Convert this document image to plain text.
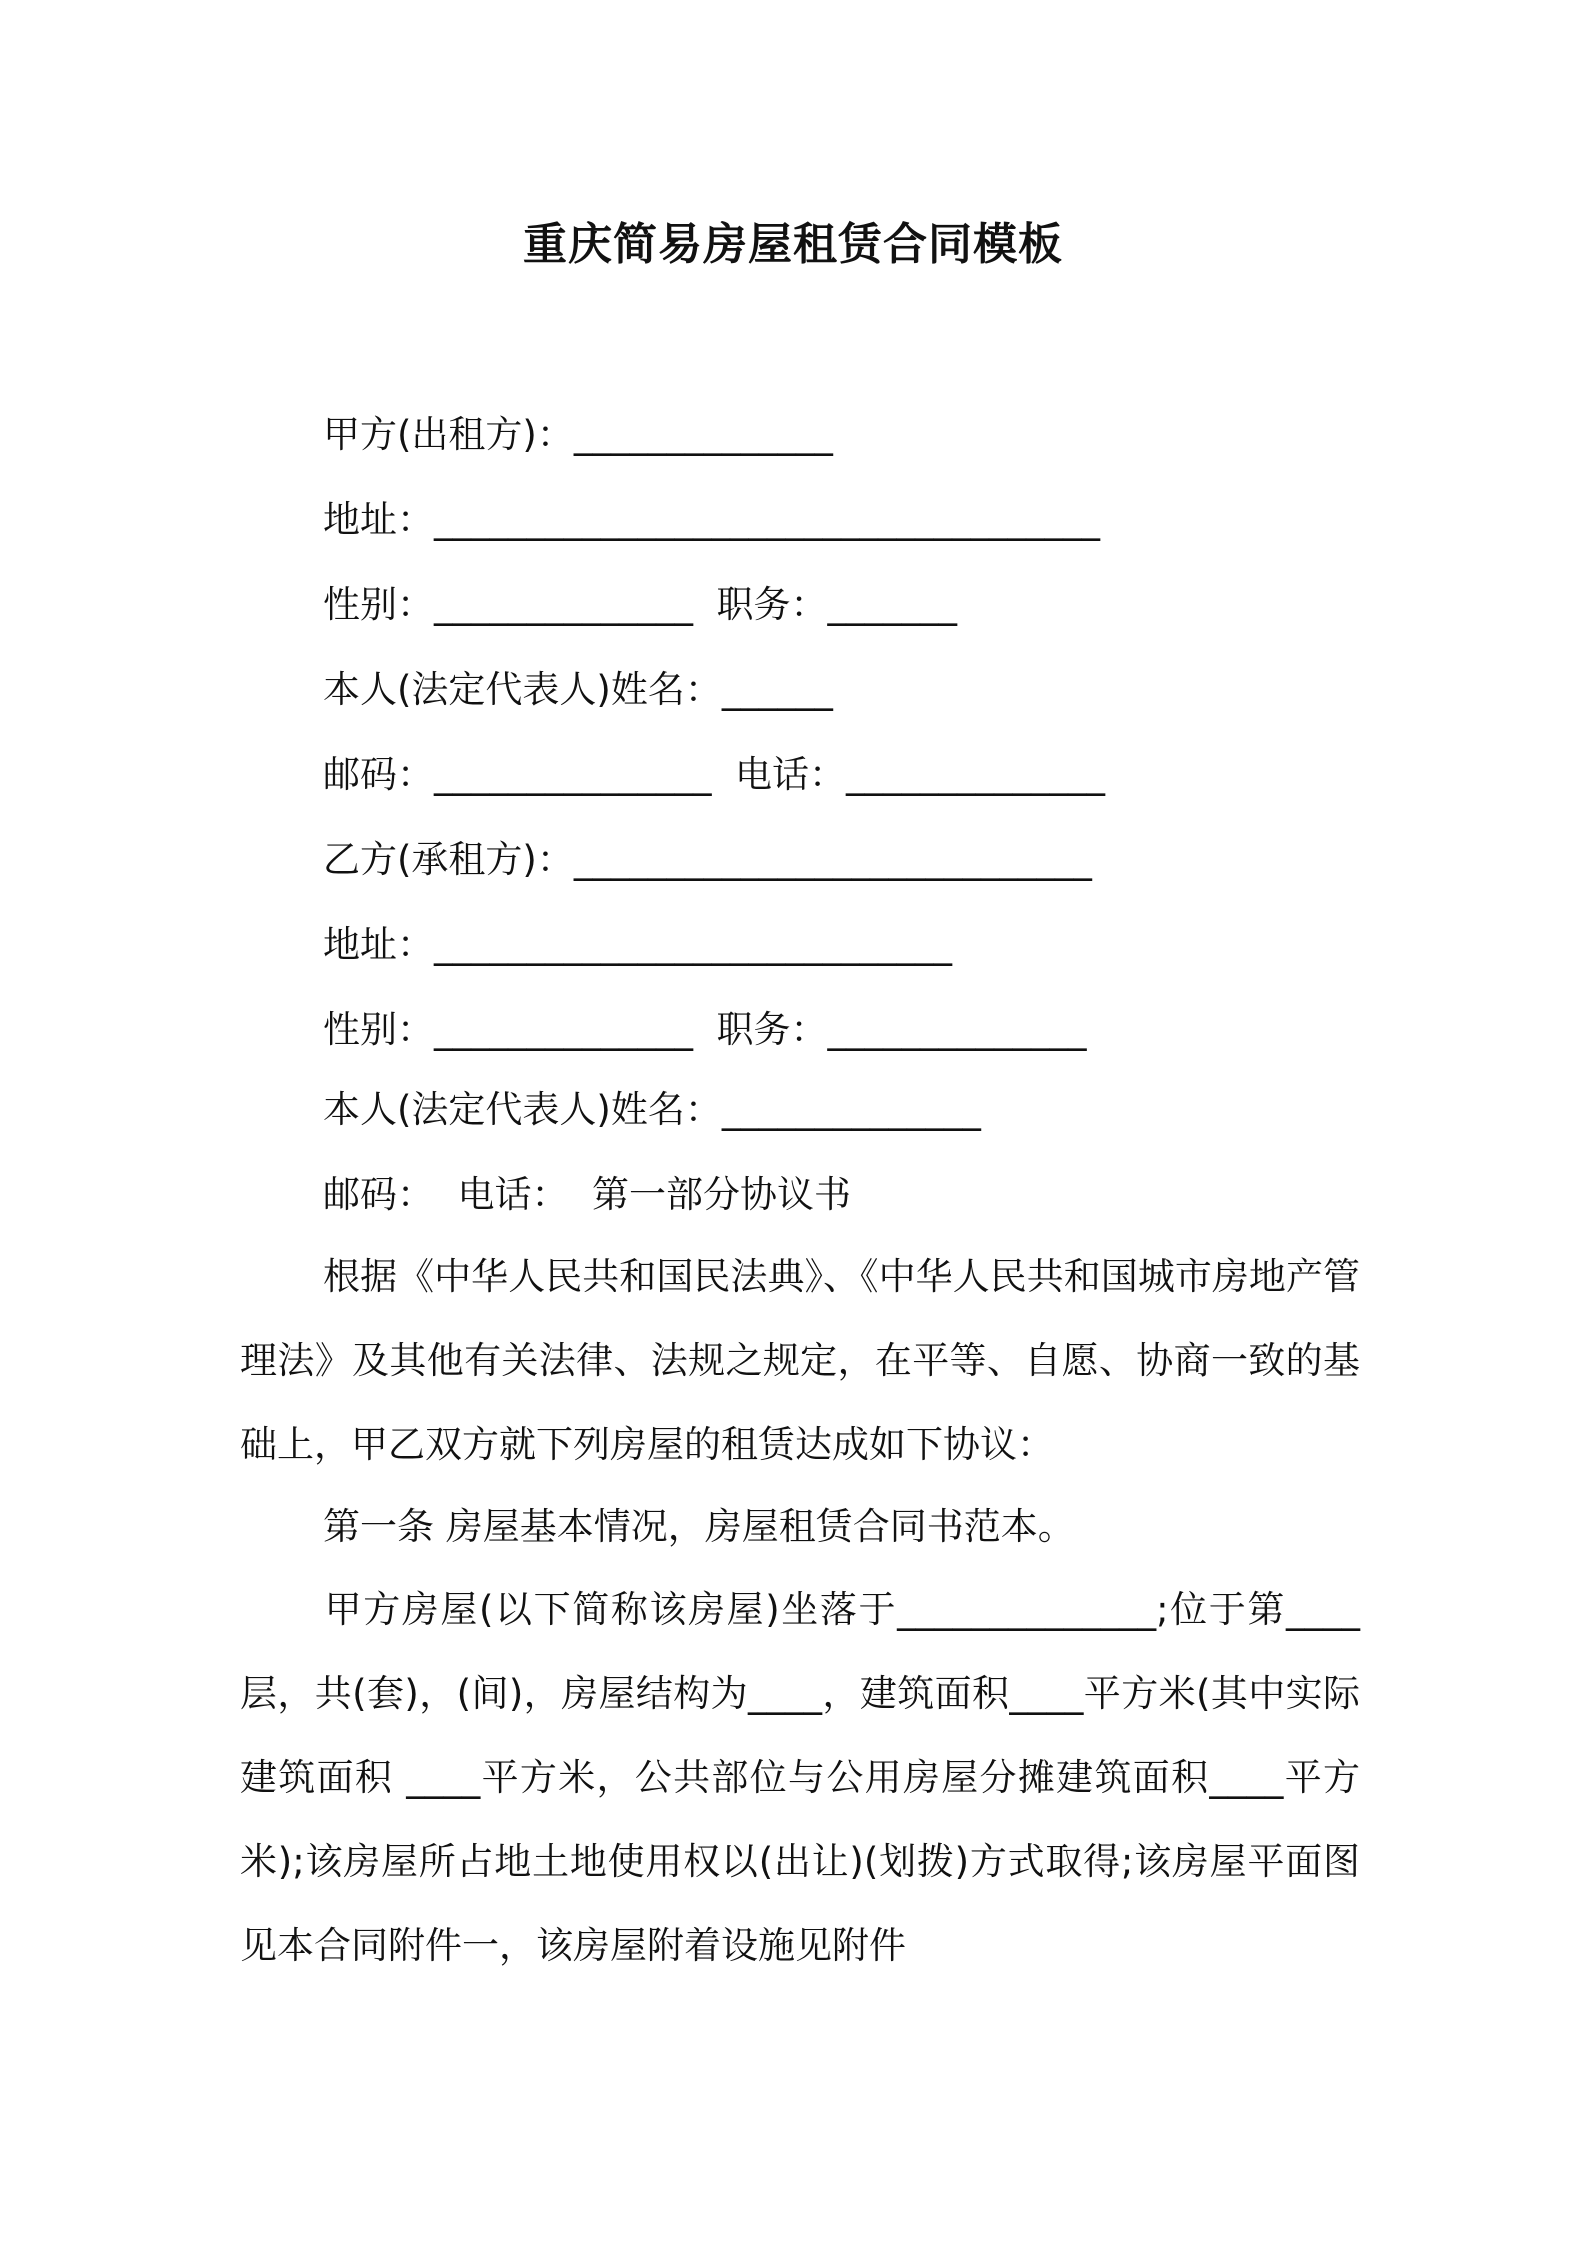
重庆简易房屋租赁合同模板
甲方(出租方)：______________
地址：____________________________________
性别：______________  职务：_______
本人(法定代表人)姓名：______
邮码：_______________  电话：______________
乙方(承租方)：____________________________
地址：____________________________
性别：______________  职务：______________
本人(法定代表人)姓名：______________
邮码：  电话：  第一部分协议书
根据《中华人民共和国民法典》、《中华人民共和国城市房地产管理法》及其他有关法律、法规之规定，在平等、自愿、协商一致的基础上，甲乙双方就下列房屋的租赁达成如下协议：
第一条 房屋基本情况，房屋租赁合同书范本。
甲方房屋(以下简称该房屋)坐落于______________;位于第____层，共(套)，(间)，房屋结构为____，建筑面积____平方米(其中实际建筑面积 ____平方米，公共部位与公用房屋分摊建筑面积____平方米);该房屋所占地土地使用权以(出让)(划拨)方式取得;该房屋平面图见本合同附件一，该房屋附着设施见附件
